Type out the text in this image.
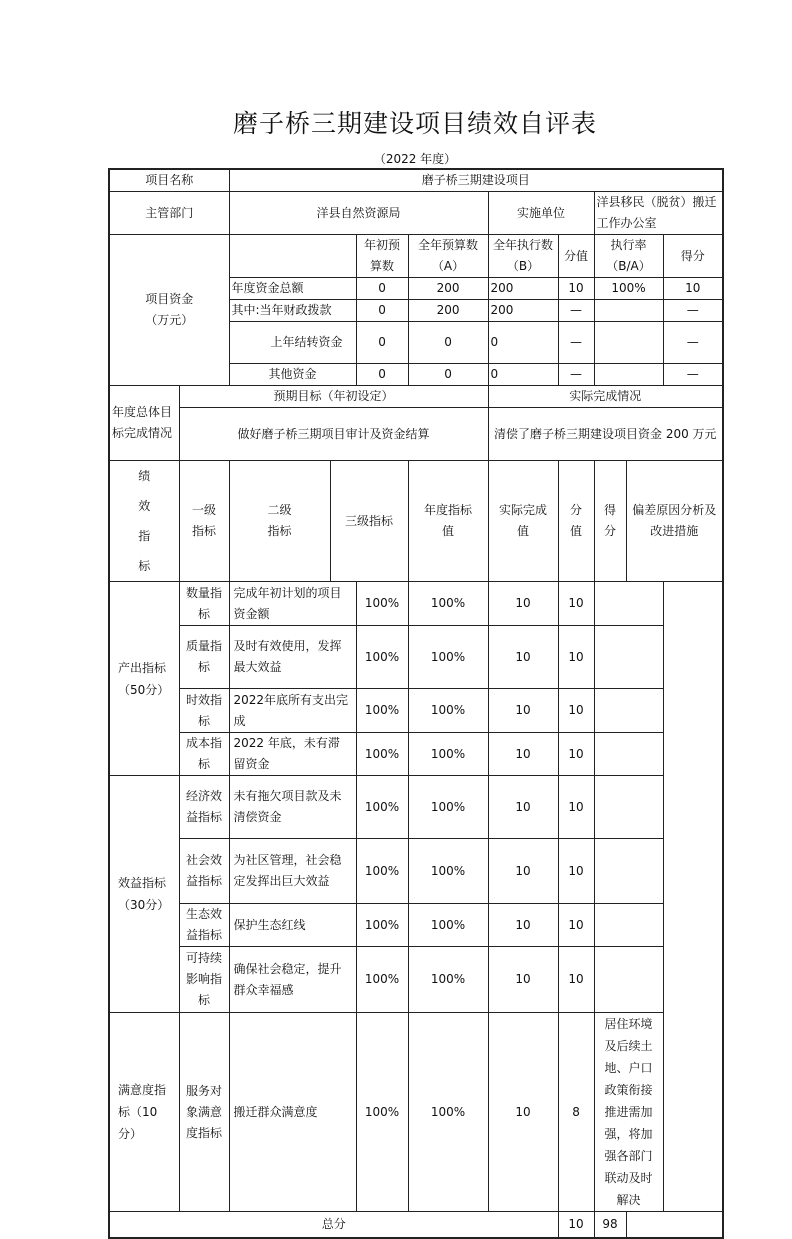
磨子桥三期建设项目绩效自评表
（2022 年度）
项目名称		磨子桥三期建设项目								
主管部门		洋县自然资源局				实施单位		洋县移民（脱贫）搬迁工作办公室		
项目资金（万元）				年初预算数	全年预算数（A）	全年执行数（B）	分值	执行率（B/A）		得分
		年度资金总额		0	200	200	10	100%		10
		其中:当年财政拨款		0	200	200	—			—
		上年结转资金		0	0	0	—			—
		其他资金		0	0	0	—			—
年度总体目标完成情况	预期目标（年初设定）					实际完成情况				
	做好磨子桥三期项目审计及资金结算					清偿了磨子桥三期建设项目资金 200 万元				
绩效指标	一级指标	二级指标	三级指标		年度指标值	实际完成值	分值	得分	偏差原因分析及改进措施	
产出指标（50分）	数量指标	完成年初计划的项目资金额		100%	100%	10	10			
	质量指标	及时有效使用，发挥最大效益		100%	100%	10	10			
	时效指标	2022年底所有支出完成		100%	100%	10	10			
	成本指标	2022 年底，未有滞留资金		100%	100%	10	10			
效益指标（30分）	经济效益指标	未有拖欠项目款及未清偿资金		100%	100%	10	10			
	社会效益指标	为社区管理，社会稳定发挥出巨大效益		100%	100%	10	10			
	生态效益指标	保护生态红线		100%	100%	10	10			
	可持续影响指标	确保社会稳定，提升群众幸福感		100%	100%	10	10			
满意度指标（10分）	服务对象满意度指标	搬迁群众满意度		100%	100%	10	8	居住环境及后续土地、户口政策衔接推进需加强，将加强各部门联动及时解决		
总分							10	98		
